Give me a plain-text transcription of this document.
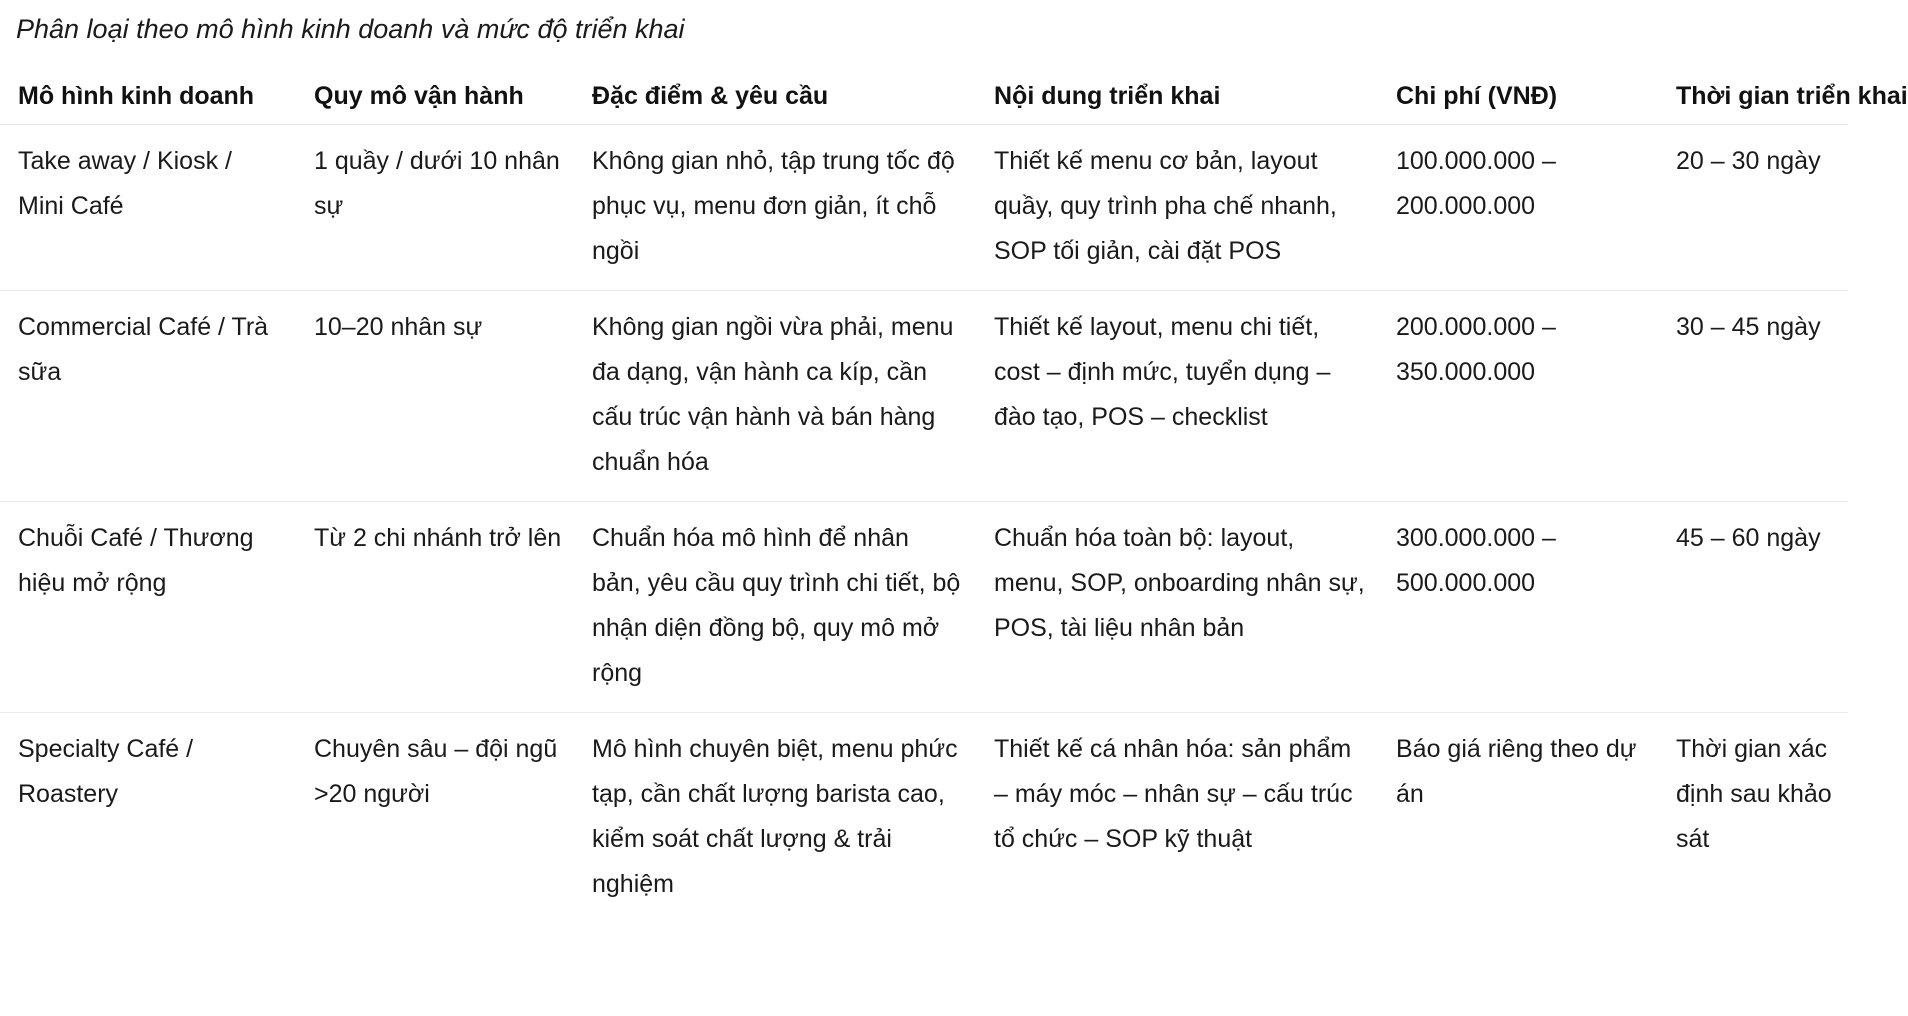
Phân loại theo mô hình kinh doanh và mức độ triển khai
Mô hình kinh doanh	Quy mô vận hành	Đặc điểm & yêu cầu	Nội dung triển khai	Chi phí (VNĐ)	Thời gian triển khai
Take away / Kiosk / Mini Café	1 quầy / dưới 10 nhân sự	Không gian nhỏ, tập trung tốc độ phục vụ, menu đơn giản, ít chỗ ngồi	Thiết kế menu cơ bản, layout quầy, quy trình pha chế nhanh, SOP tối giản, cài đặt POS	100.000.000 – 200.000.000	20 – 30 ngày
Commercial Café / Trà sữa	10–20 nhân sự	Không gian ngồi vừa phải, menu đa dạng, vận hành ca kíp, cần cấu trúc vận hành và bán hàng chuẩn hóa	Thiết kế layout, menu chi tiết, cost – định mức, tuyển dụng – đào tạo, POS – checklist	200.000.000 – 350.000.000	30 – 45 ngày
Chuỗi Café / Thương hiệu mở rộng	Từ 2 chi nhánh trở lên	Chuẩn hóa mô hình để nhân bản, yêu cầu quy trình chi tiết, bộ nhận diện đồng bộ, quy mô mở rộng	Chuẩn hóa toàn bộ: layout, menu, SOP, onboarding nhân sự, POS, tài liệu nhân bản	300.000.000 – 500.000.000	45 – 60 ngày
Specialty Café / Roastery	Chuyên sâu – đội ngũ >20 người	Mô hình chuyên biệt, menu phức tạp, cần chất lượng barista cao, kiểm soát chất lượng & trải nghiệm	Thiết kế cá nhân hóa: sản phẩm – máy móc – nhân sự – cấu trúc tổ chức – SOP kỹ thuật	Báo giá riêng theo dự án	Thời gian xác định sau khảo sát
